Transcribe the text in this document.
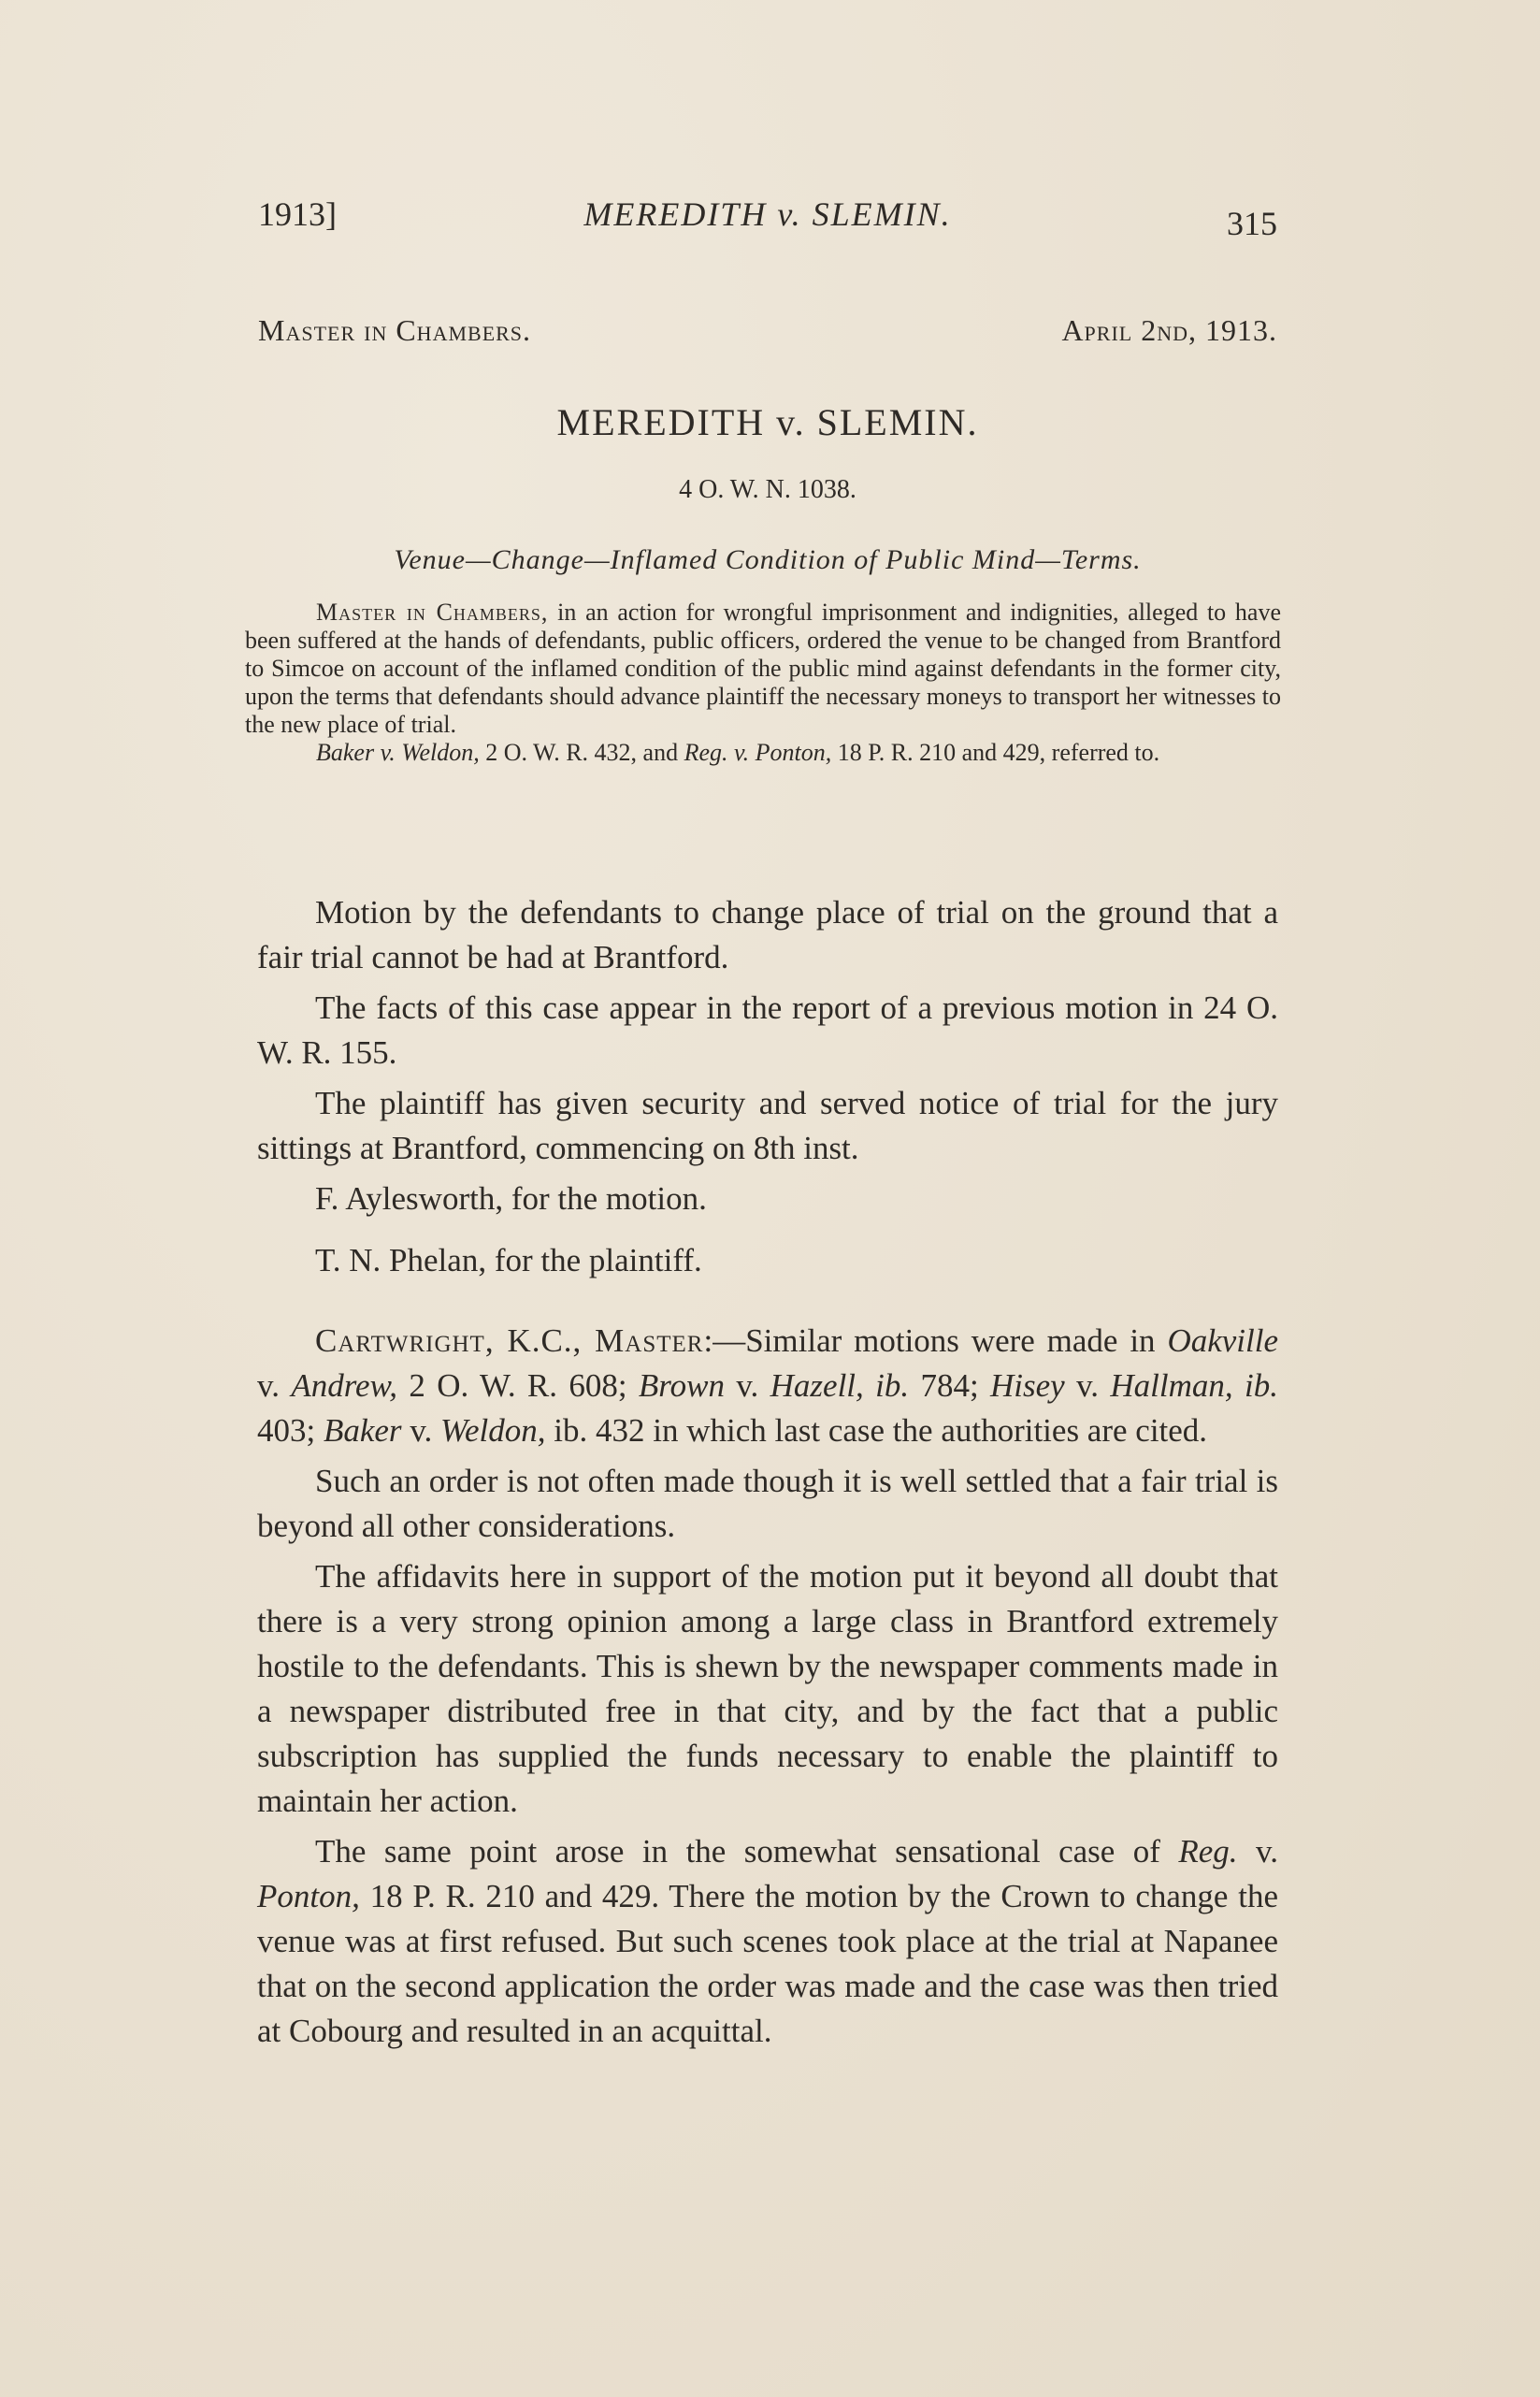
1913]	MEREDITH v. SLEMIN.	315
Master in Chambers.	April 2nd, 1913.
MEREDITH v. SLEMIN.
4 O. W. N. 1038.
Venue—Change—Inflamed Condition of Public Mind—Terms.

Master in Chambers, in an action for wrongful imprisonment and indignities, alleged to have been suffered at the hands of defendants, public officers, ordered the venue to be changed from Brantford to Simcoe on account of the inflamed condition of the public mind against defendants in the former city, upon the terms that defendants should advance plaintiff the necessary moneys to transport her witnesses to the new place of trial.

Baker v. Weldon, 2 O. W. R. 432, and Reg. v. Ponton, 18 P. R. 210 and 429, referred to.

Motion by the defendants to change place of trial on the ground that a fair trial cannot be had at Brantford.

The facts of this case appear in the report of a previous motion in 24 O. W. R. 155.

The plaintiff has given security and served notice of trial for the jury sittings at Brantford, commencing on 8th inst.

F. Aylesworth, for the motion.

T. N. Phelan, for the plaintiff.

Cartwright, K.C., Master:—Similar motions were made in Oakville v. Andrew, 2 O. W. R. 608; Brown v. Hazell, ib. 784; Hisey v. Hallman, ib. 403; Baker v. Weldon, ib. 432 in which last case the authorities are cited.

Such an order is not often made though it is well settled that a fair trial is beyond all other considerations.

The affidavits here in support of the motion put it beyond all doubt that there is a very strong opinion among a large class in Brantford extremely hostile to the defendants. This is shewn by the newspaper comments made in a newspaper distributed free in that city, and by the fact that a public subscription has supplied the funds necessary to enable the plaintiff to maintain her action.

The same point arose in the somewhat sensational case of Reg. v. Ponton, 18 P. R. 210 and 429. There the motion by the Crown to change the venue was at first refused. But such scenes took place at the trial at Napanee that on the second application the order was made and the case was then tried at Cobourg and resulted in an acquittal.
